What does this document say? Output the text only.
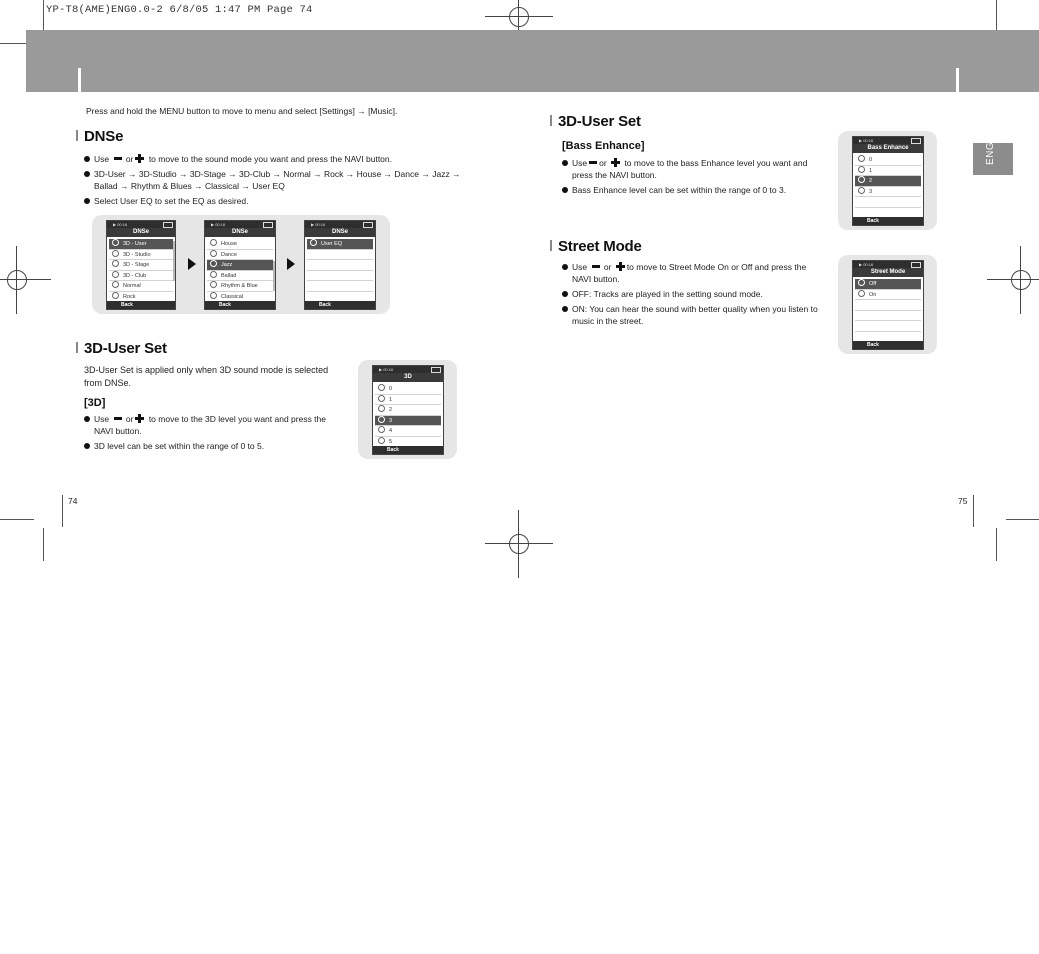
YP-T8(AME)ENG0.0-2 6/8/05 1:47 PM Page 74
ENG
Press and hold the MENU button to move to menu and select [Settings] → [Music].
DNSe
Use or to move to the sound mode you want and press the NAVI button.
3D-User → 3D-Studio → 3D-Stage → 3D-Club → Normal → Rock → House → Dance → Jazz → Ballad → Rhythm & Blues → Classical → User EQ
Select User EQ to set the EQ as desired.
▶ 00:16
DNSe
3D - User
3D - Studio
3D - Stage
3D - Club
Normal
Rock
Back
▶ 00:16
DNSe
House
Dance
Jazz
Ballad
Rhythm & Blue
Classical
Back
▶ 00:16
DNSe
User EQ
Back
3D-User Set
3D-User Set is applied only when 3D sound mode is selected from DNSe.
[3D]
Use or to move to the 3D level you want and press the NAVI button.
3D level can be set within the range of 0 to 5.
▶ 00:16
3D
0
1
2
3
4
5
Back
74
3D-User Set
[Bass Enhance]
Use or to move to the bass Enhance level you want and press the NAVI button.
Bass Enhance level can be set within the range of 0 to 3.
▶ 00:16
Bass Enhance
0
1
2
3
Back
Street Mode
Use or to move to Street Mode On or Off and press the NAVI button.
OFF: Tracks are played in the setting sound mode.
ON: You can hear the sound with better quality when you listen to music in the street.
▶ 00:16
Street Mode
Off
On
Back
75
